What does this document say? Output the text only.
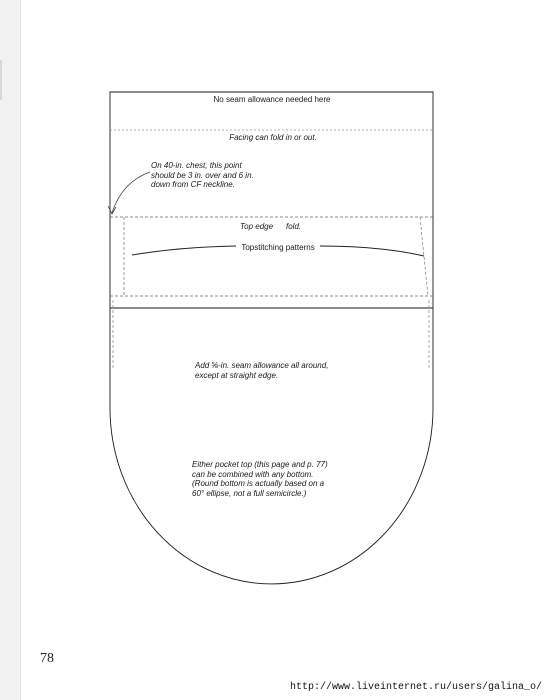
No seam allowance needed here
Facing can fold in or out.
On 40-in. chest, this point
should be 3 in. over and 6 in.
down from CF neckline.
Top edge fold.
Topstitching patterns
Add ⅝-in. seam allowance all around,
except at straight edge.
Either pocket top (this page and p. 77)
can be combined with any bottom.
(Round bottom is actually based on a
60° ellipse, not a full semicircle.)
78
http://www.liveinternet.ru/users/galina_o/
